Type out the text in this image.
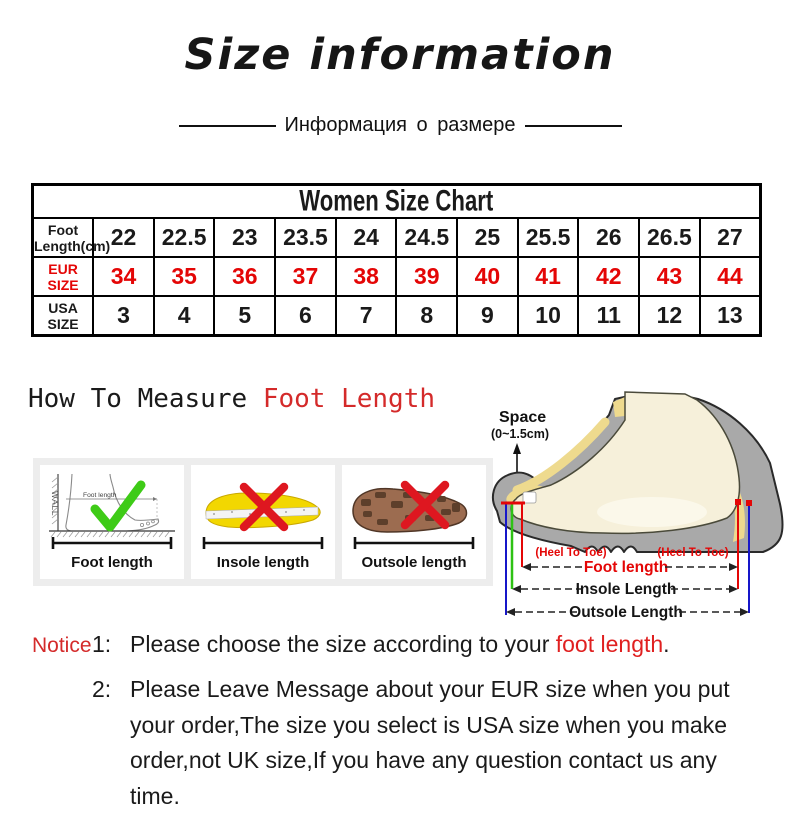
Size information
Информация о размере
Women Size Chart											
Foot Length(cm)	22	22.5	23	23.5	24	24.5	25	25.5	26	26.5	27
EUR SIZE	34	35	36	37	38	39	40	41	42	43	44
USA SIZE	3	4	5	6	7	8	9	10	11	12	13
How To Measure Foot Length
WALL	Foot length
Foot length	Insole length	Outsole length
Space
(0~1.5cm)
(Heel To Toe)	(Heel To Toe)
Foot length
Insole Length
Outsole Length
Notice 1: Please choose the size according to your foot length.
2: Please Leave Message about your EUR size when you put your order,The size you select is USA size when you make order,not UK size,If you have any question contact us any time.
